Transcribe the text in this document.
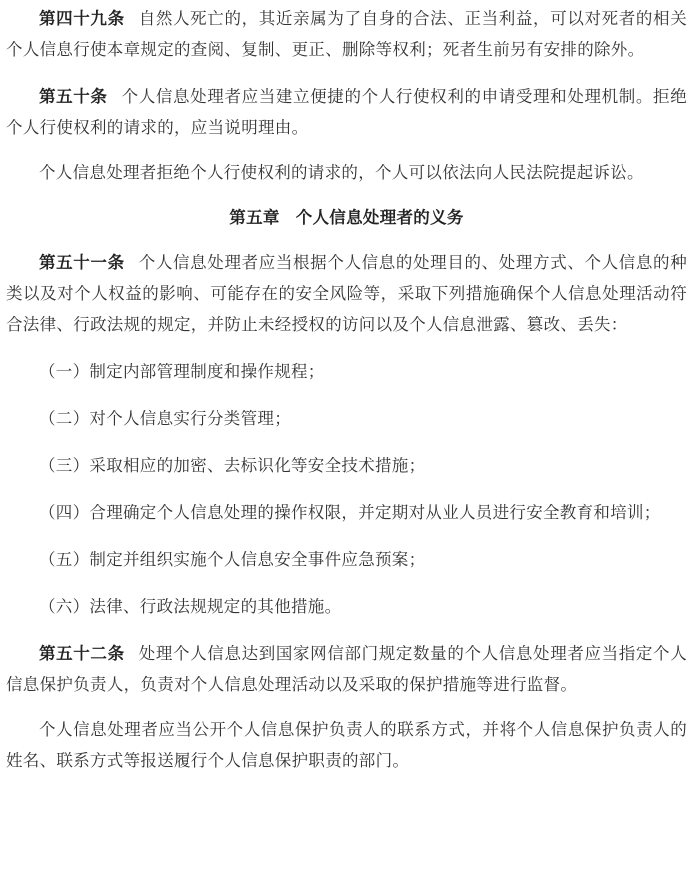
第四十九条 自然人死亡的，其近亲属为了自身的合法、正当利益，可以对死者的相关个人信息行使本章规定的查阅、复制、更正、删除等权利；死者生前另有安排的除外。

第五十条 个人信息处理者应当建立便捷的个人行使权利的申请受理和处理机制。拒绝个人行使权利的请求的，应当说明理由。

个人信息处理者拒绝个人行使权利的请求的，个人可以依法向人民法院提起诉讼。

第五章 个人信息处理者的义务

第五十一条 个人信息处理者应当根据个人信息的处理目的、处理方式、个人信息的种类以及对个人权益的影响、可能存在的安全风险等，采取下列措施确保个人信息处理活动符合法律、行政法规的规定，并防止未经授权的访问以及个人信息泄露、篡改、丢失：

（一）制定内部管理制度和操作规程；

（二）对个人信息实行分类管理；

（三）采取相应的加密、去标识化等安全技术措施；

（四）合理确定个人信息处理的操作权限，并定期对从业人员进行安全教育和培训；

（五）制定并组织实施个人信息安全事件应急预案；

（六）法律、行政法规规定的其他措施。

第五十二条 处理个人信息达到国家网信部门规定数量的个人信息处理者应当指定个人信息保护负责人，负责对个人信息处理活动以及采取的保护措施等进行监督。

个人信息处理者应当公开个人信息保护负责人的联系方式，并将个人信息保护负责人的姓名、联系方式等报送履行个人信息保护职责的部门。
